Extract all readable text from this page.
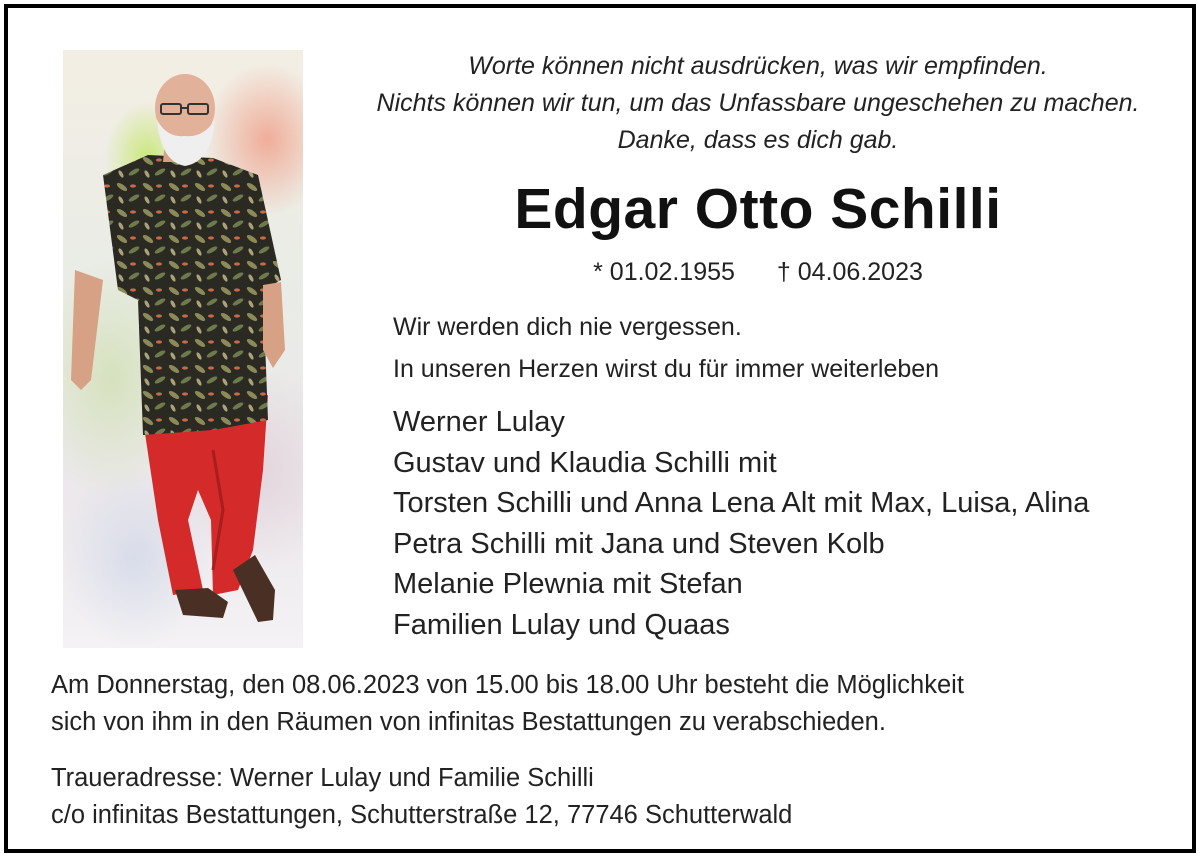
Worte können nicht ausdrücken, was wir empfinden.
Nichts können wir tun, um das Unfassbare ungeschehen zu machen.
Danke, dass es dich gab.
Edgar Otto Schilli
* 01.02.1955 † 04.06.2023
Wir werden dich nie vergessen.
In unseren Herzen wirst du für immer weiterleben
Werner Lulay
Gustav und Klaudia Schilli mit
Torsten Schilli und Anna Lena Alt mit Max, Luisa, Alina
Petra Schilli mit Jana und Steven Kolb
Melanie Plewnia mit Stefan
Familien Lulay und Quaas
Am Donnerstag, den 08.06.2023 von 15.00 bis 18.00 Uhr besteht die Möglichkeit
sich von ihm in den Räumen von infinitas Bestattungen zu verabschieden.
Traueradresse: Werner Lulay und Familie Schilli
c/o infinitas Bestattungen, Schutterstraße 12, 77746 Schutterwald
